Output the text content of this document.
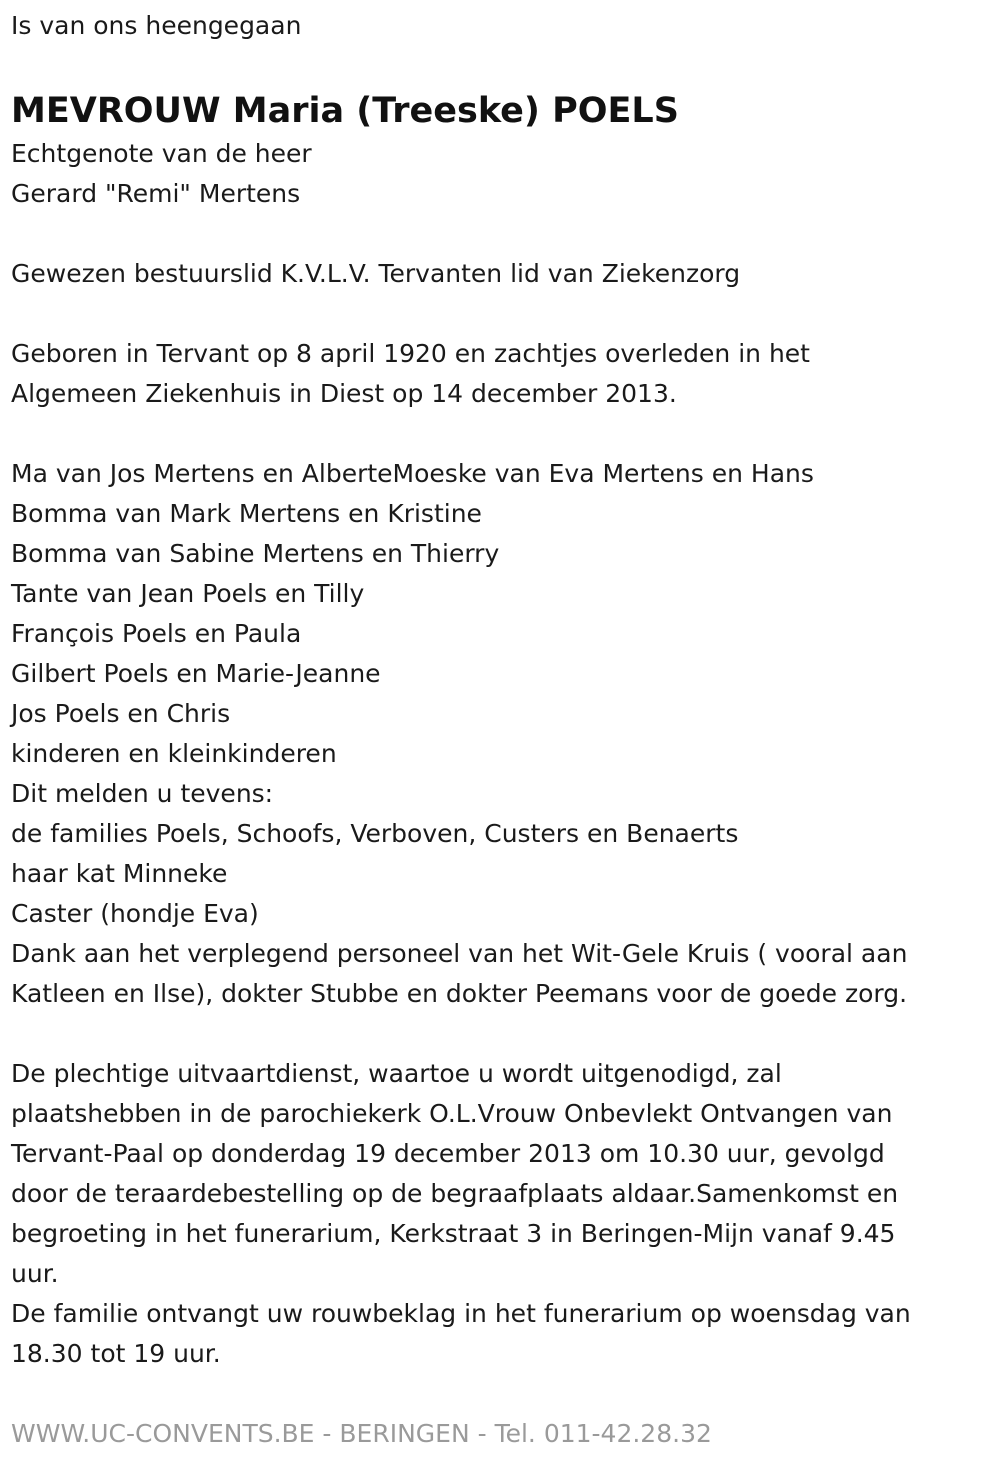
Is van ons heengegaan
MEVROUW Maria (Treeske) POELS
Echtgenote van de heer
Gerard "Remi" Mertens
Gewezen bestuurslid K.V.L.V. Tervanten lid van Ziekenzorg
Geboren in Tervant op 8 april 1920 en zachtjes overleden in het
Algemeen Ziekenhuis in Diest op 14 december 2013.
Ma van Jos Mertens en AlberteMoeske van Eva Mertens en Hans
Bomma van Mark Mertens en Kristine
Bomma van Sabine Mertens en Thierry
Tante van Jean Poels en Tilly
François Poels en Paula
Gilbert Poels en Marie-Jeanne
Jos Poels en Chris
kinderen en kleinkinderen
Dit melden u tevens:
de families Poels, Schoofs, Verboven, Custers en Benaerts
haar kat Minneke
Caster (hondje Eva)
Dank aan het verplegend personeel van het Wit-Gele Kruis ( vooral aan
Katleen en Ilse), dokter Stubbe en dokter Peemans voor de goede zorg.
De plechtige uitvaartdienst, waartoe u wordt uitgenodigd, zal
plaatshebben in de parochiekerk O.L.Vrouw Onbevlekt Ontvangen van
Tervant-Paal op donderdag 19 december 2013 om 10.30 uur, gevolgd
door de teraardebestelling op de begraafplaats aldaar.Samenkomst en
begroeting in het funerarium, Kerkstraat 3 in Beringen-Mijn vanaf 9.45
uur.
De familie ontvangt uw rouwbeklag in het funerarium op woensdag van
18.30 tot 19 uur.
WWW.UC-CONVENTS.BE - BERINGEN - Tel. 011-42.28.32
